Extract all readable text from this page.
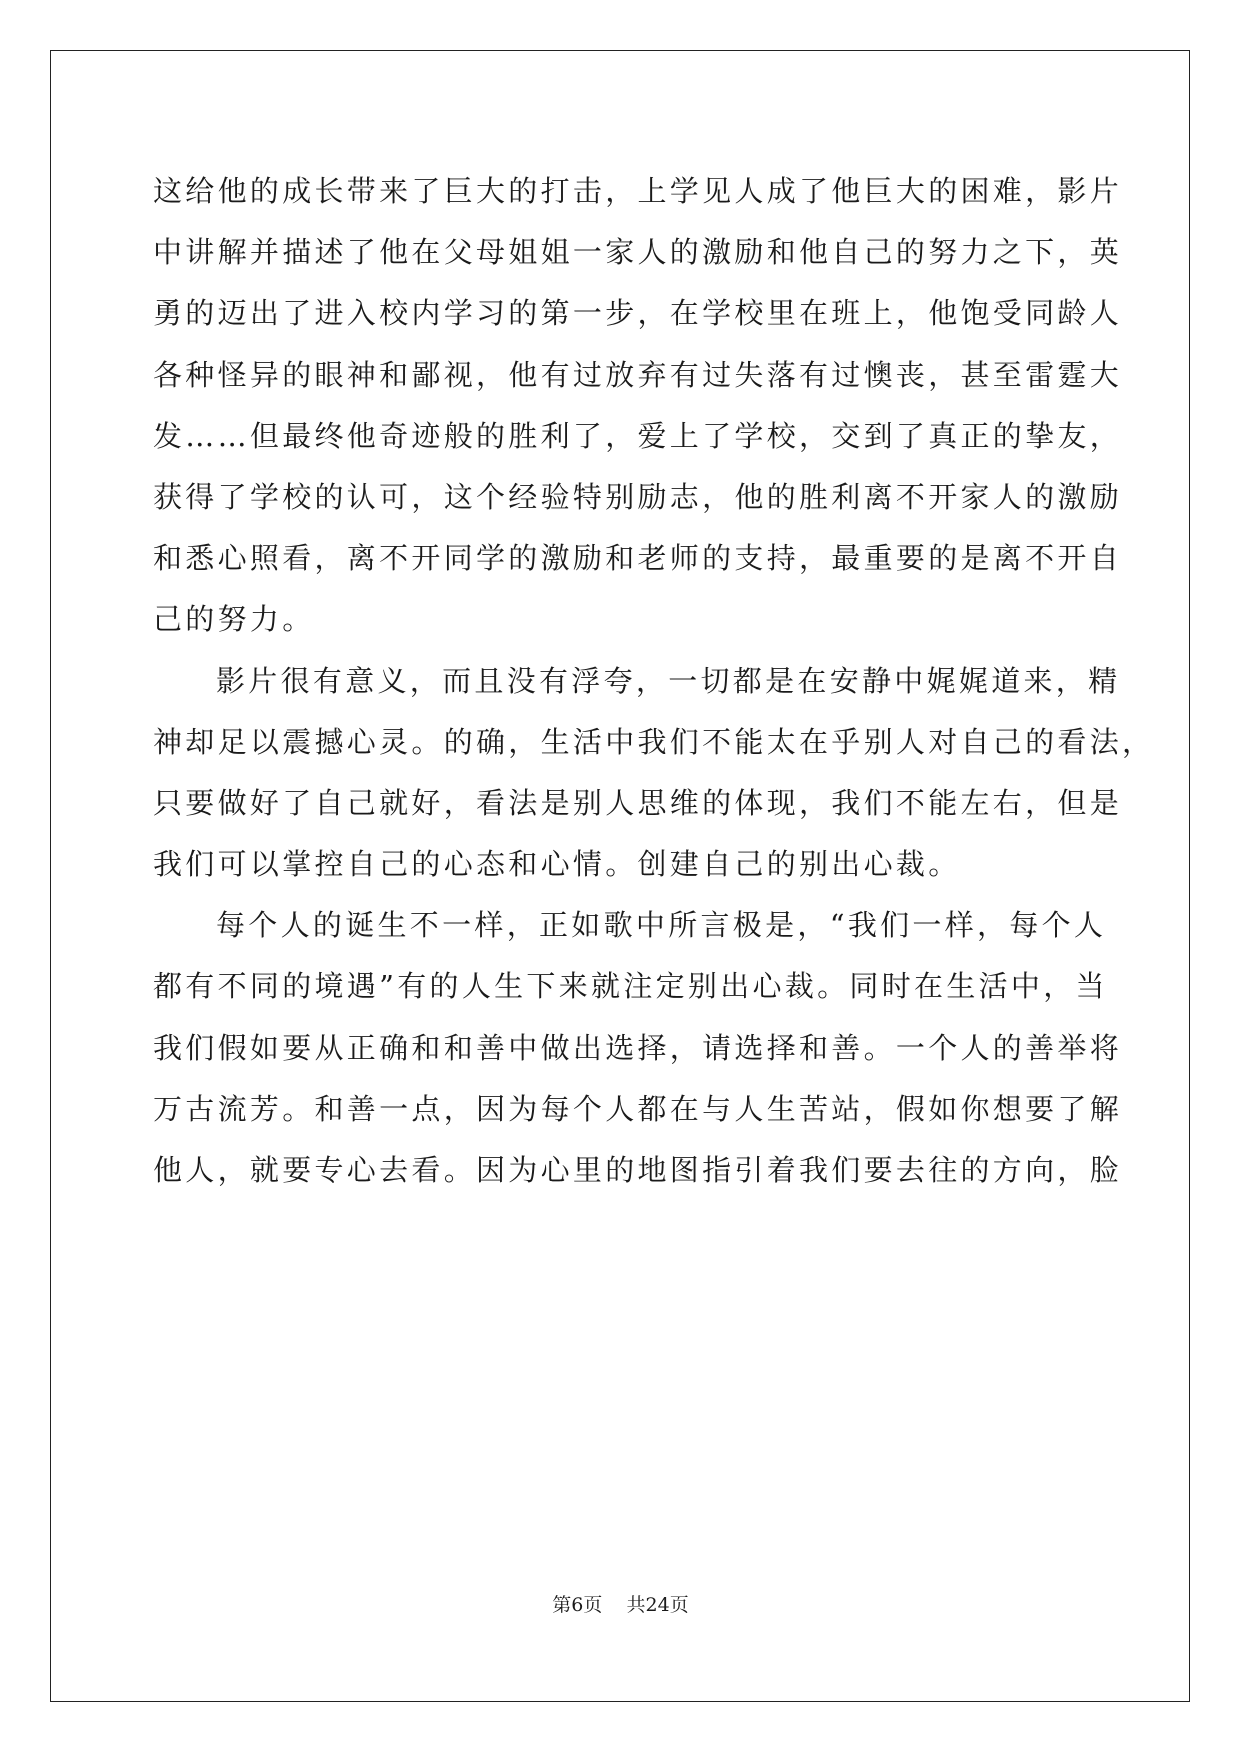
这给他的成长带来了巨大的打击，上学见人成了他巨大的困难，影片
中讲解并描述了他在父母姐姐一家人的激励和他自己的努力之下，英
勇的迈出了进入校内学习的第一步，在学校里在班上，他饱受同龄人
各种怪异的眼神和鄙视，他有过放弃有过失落有过懊丧，甚至雷霆大
发……但最终他奇迹般的胜利了，爱上了学校，交到了真正的挚友，
获得了学校的认可，这个经验特别励志，他的胜利离不开家人的激励
和悉心照看，离不开同学的激励和老师的支持，最重要的是离不开自
己的努力。
影片很有意义，而且没有浮夸，一切都是在安静中娓娓道来，精
神却足以震撼心灵。的确，生活中我们不能太在乎别人对自己的看法，
只要做好了自己就好，看法是别人思维的体现，我们不能左右，但是
我们可以掌控自己的心态和心情。创建自己的别出心裁。
每个人的诞生不一样，正如歌中所言极是，“我们一样，每个人
都有不同的境遇”有的人生下来就注定别出心裁。同时在生活中，当
我们假如要从正确和和善中做出选择，请选择和善。一个人的善举将
万古流芳。和善一点，因为每个人都在与人生苦站，假如你想要了解
他人，就要专心去看。因为心里的地图指引着我们要去往的方向，脸
第6页 共24页
